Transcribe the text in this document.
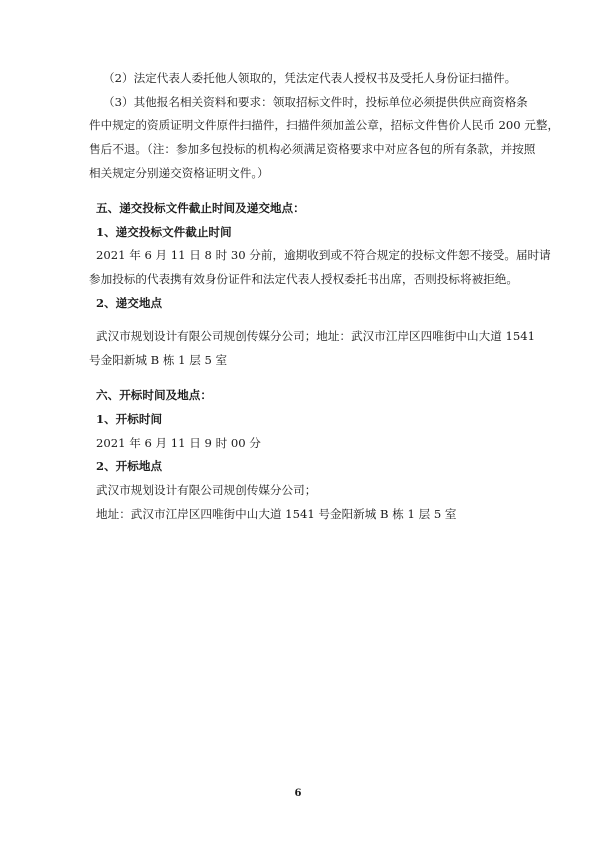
（2）法定代表人委托他人领取的，凭法定代表人授权书及受托人身份证扫描件。
（3）其他报名相关资料和要求：领取招标文件时，投标单位必须提供供应商资格条
件中规定的资质证明文件原件扫描件，扫描件须加盖公章，招标文件售价人民币 200 元整，
售后不退。（注：参加多包投标的机构必须满足资格要求中对应各包的所有条款，并按照
相关规定分别递交资格证明文件。）
五、递交投标文件截止时间及递交地点：
1、递交投标文件截止时间
2021 年 6 月 11 日 8 时 30 分前，逾期收到或不符合规定的投标文件恕不接受。届时请
参加投标的代表携有效身份证件和法定代表人授权委托书出席，否则投标将被拒绝。
2、递交地点
武汉市规划设计有限公司规创传媒分公司；地址：武汉市江岸区四唯街中山大道 1541
号金阳新城 B 栋 1 层 5 室
六、开标时间及地点：
1、开标时间
2021 年 6 月 11 日 9 时 00 分
2、开标地点
武汉市规划设计有限公司规创传媒分公司；
地址：武汉市江岸区四唯街中山大道 1541 号金阳新城 B 栋 1 层 5 室
6
